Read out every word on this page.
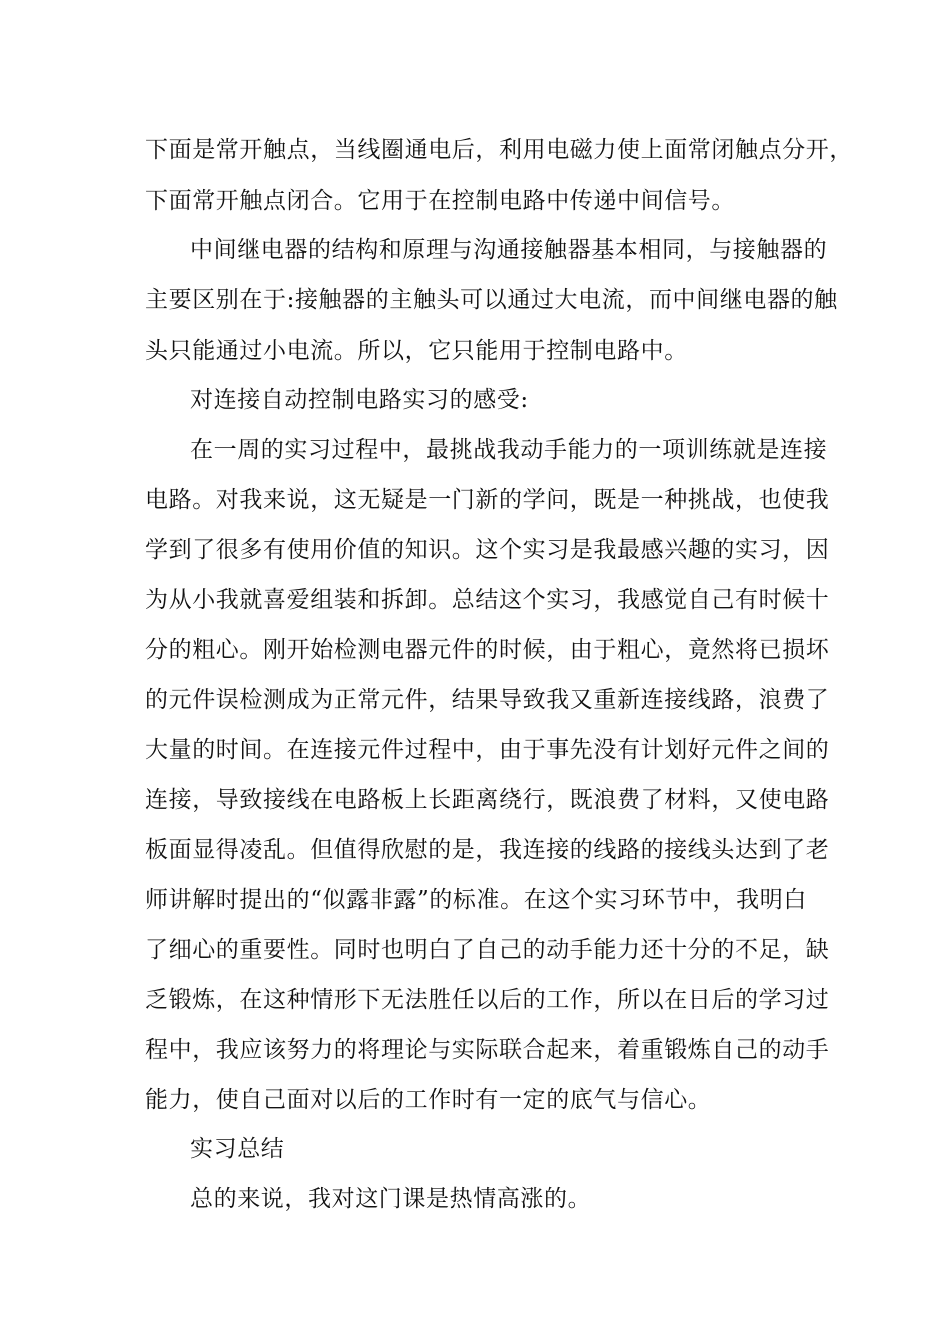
下面是常开触点，当线圈通电后，利用电磁力使上面常闭触点分开，
下面常开触点闭合。它用于在控制电路中传递中间信号。
中间继电器的结构和原理与沟通接触器基本相同，与接触器的
主要区别在于:接触器的主触头可以通过大电流，而中间继电器的触
头只能通过小电流。所以，它只能用于控制电路中。
对连接自动控制电路实习的感受:
在一周的实习过程中，最挑战我动手能力的一项训练就是连接
电路。对我来说，这无疑是一门新的学问，既是一种挑战，也使我
学到了很多有使用价值的知识。这个实习是我最感兴趣的实习，因
为从小我就喜爱组装和拆卸。总结这个实习，我感觉自己有时候十
分的粗心。刚开始检测电器元件的时候，由于粗心，竟然将已损坏
的元件误检测成为正常元件，结果导致我又重新连接线路，浪费了
大量的时间。在连接元件过程中，由于事先没有计划好元件之间的
连接，导致接线在电路板上长距离绕行，既浪费了材料，又使电路
板面显得凌乱。但值得欣慰的是，我连接的线路的接线头达到了老
师讲解时提出的“似露非露”的标准。在这个实习环节中，我明白
了细心的重要性。同时也明白了自己的动手能力还十分的不足，缺
乏锻炼，在这种情形下无法胜任以后的工作，所以在日后的学习过
程中，我应该努力的将理论与实际联合起来，着重锻炼自己的动手
能力，使自己面对以后的工作时有一定的底气与信心。
实习总结
总的来说，我对这门课是热情高涨的。
